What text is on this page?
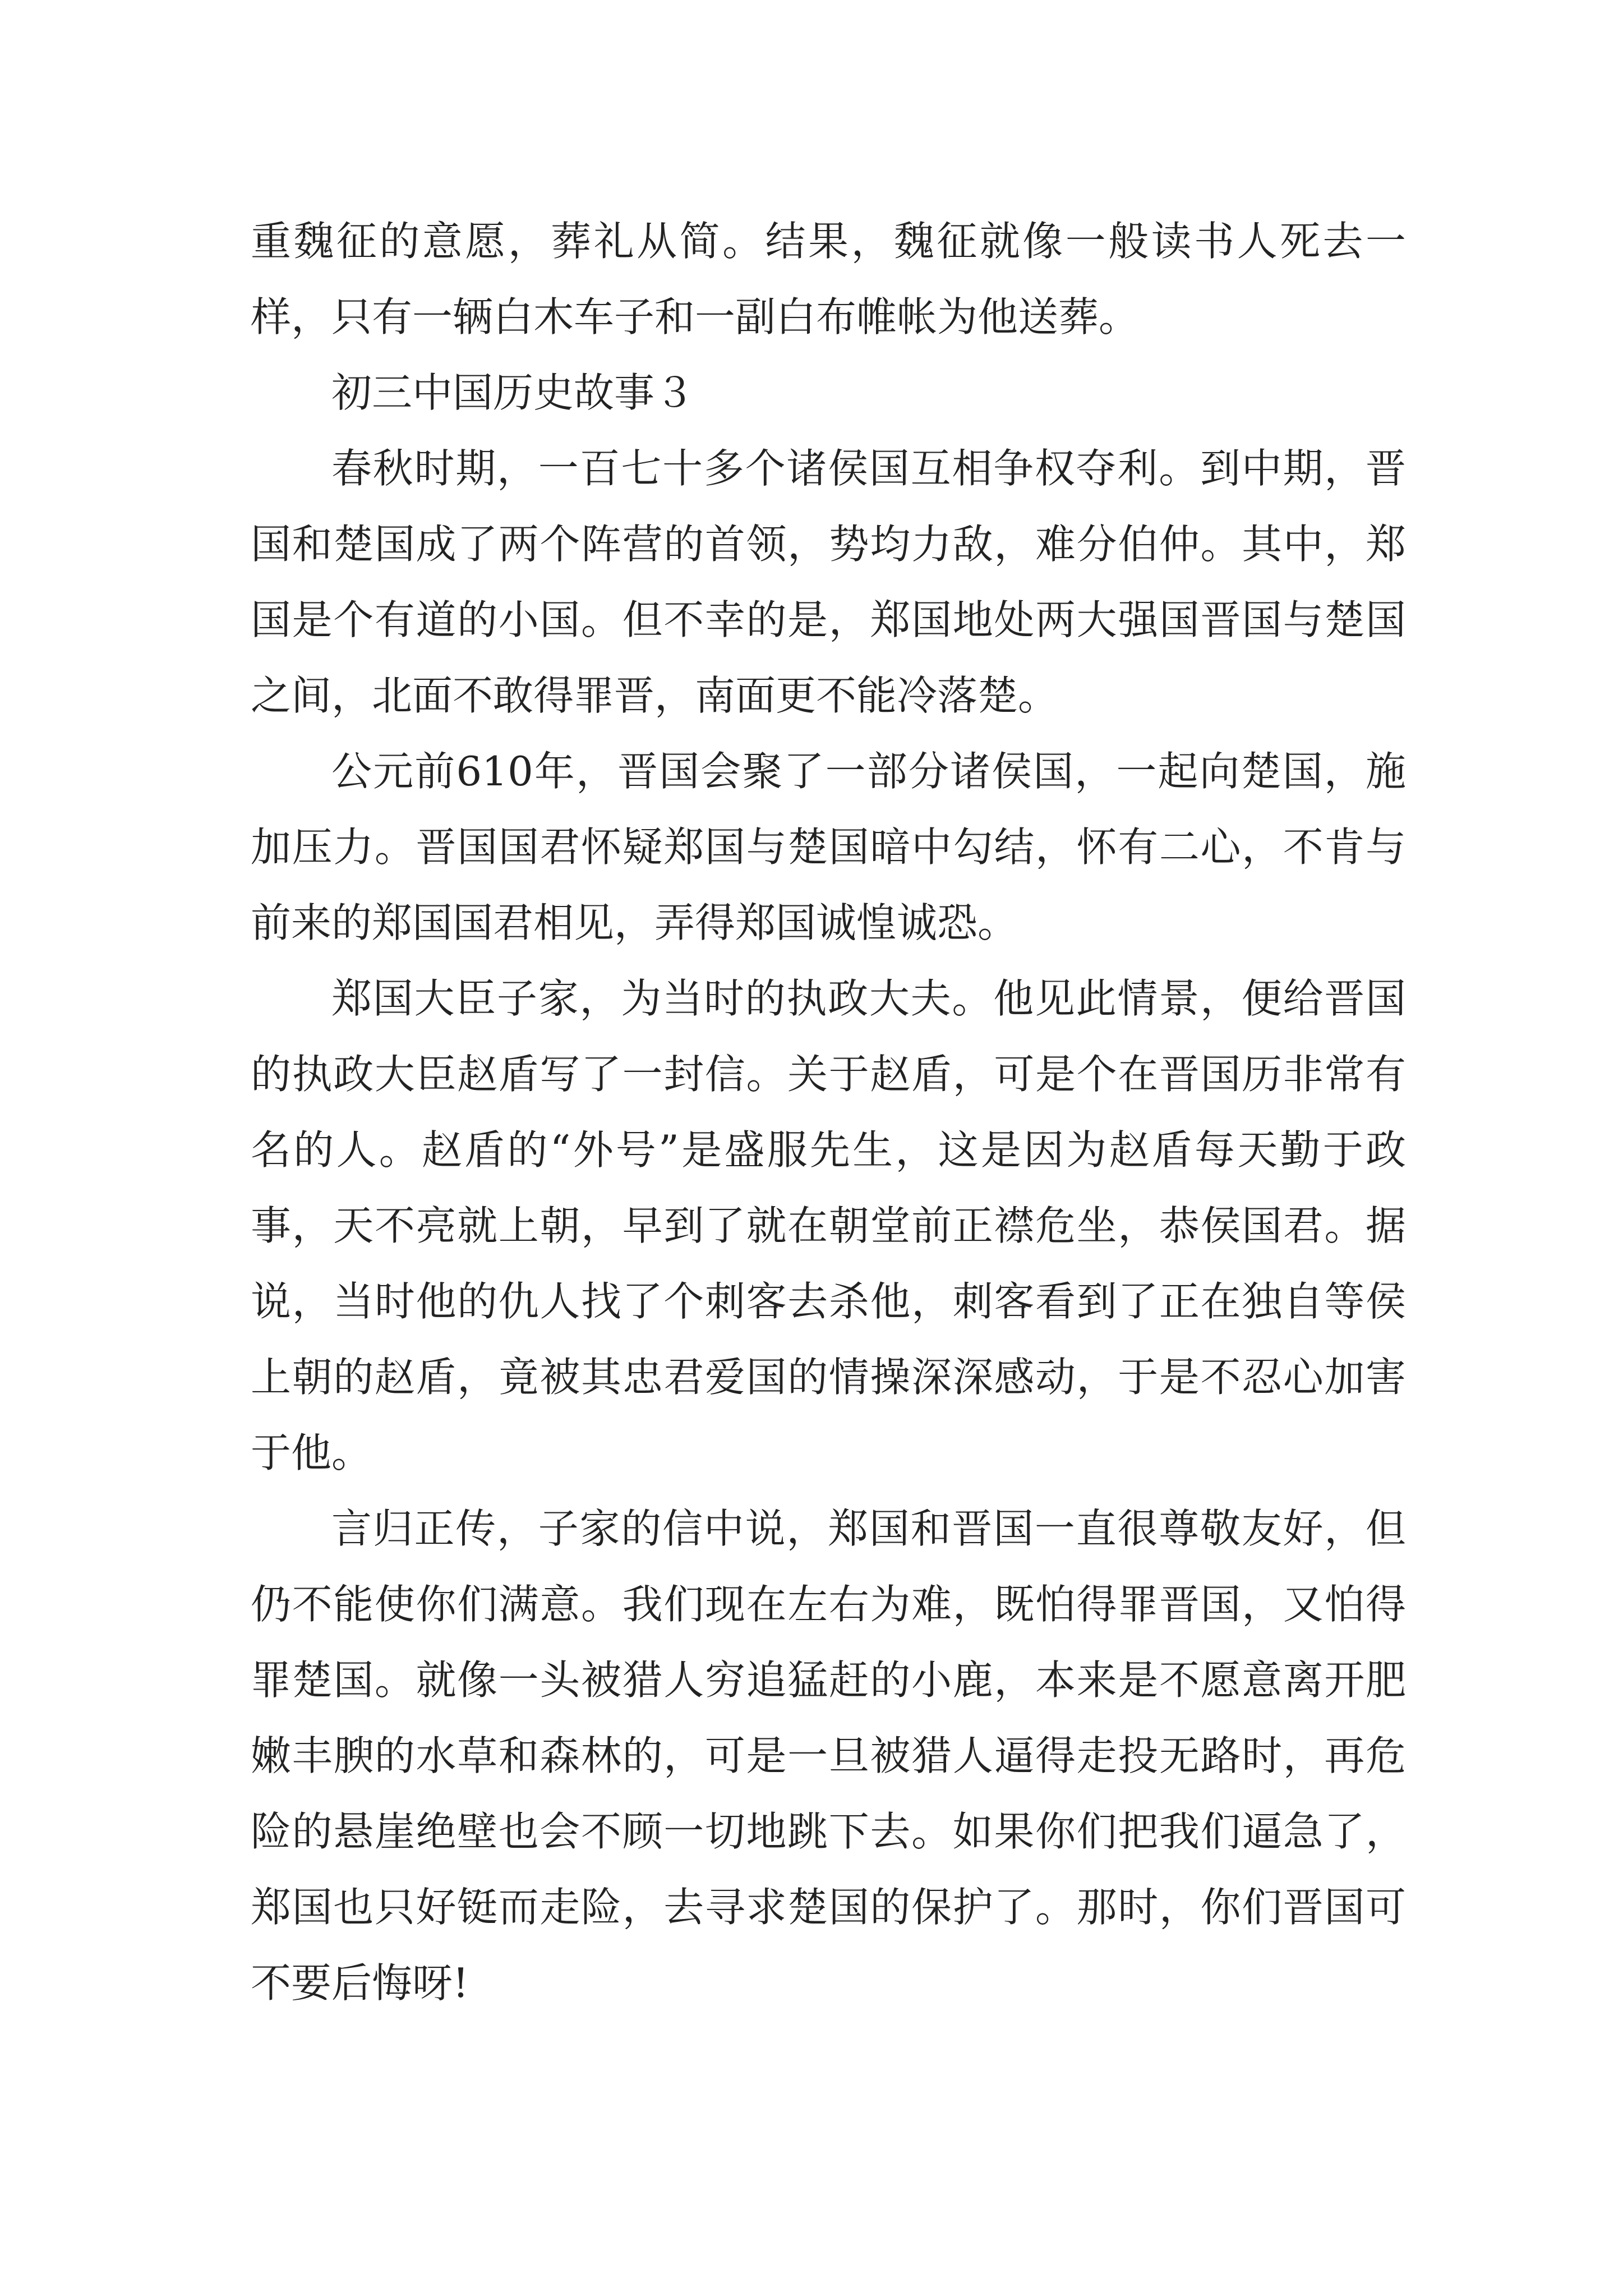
重魏征的意愿，葬礼从简。结果，魏征就像一般读书人死去一样，只有一辆白木车子和一副白布帷帐为他送葬。

初三中国历史故事３

春秋时期，一百七十多个诸侯国互相争权夺利。到中期，晋国和楚国成了两个阵营的首领，势均力敌，难分伯仲。其中，郑国是个有道的小国。但不幸的是，郑国地处两大强国晋国与楚国之间，北面不敢得罪晋，南面更不能冷落楚。

公元前610年，晋国会聚了一部分诸侯国，一起向楚国，施加压力。晋国国君怀疑郑国与楚国暗中勾结，怀有二心，不肯与前来的郑国国君相见，弄得郑国诚惶诚恐。

郑国大臣子家，为当时的执政大夫。他见此情景，便给晋国的执政大臣赵盾写了一封信。关于赵盾，可是个在晋国历非常有名的人。赵盾的“外号”是盛服先生，这是因为赵盾每天勤于政事，天不亮就上朝，早到了就在朝堂前正襟危坐，恭侯国君。据说，当时他的仇人找了个刺客去杀他，刺客看到了正在独自等侯上朝的赵盾，竟被其忠君爱国的情操深深感动，于是不忍心加害于他。

言归正传，子家的信中说，郑国和晋国一直很尊敬友好，但仍不能使你们满意。我们现在左右为难，既怕得罪晋国，又怕得罪楚国。就像一头被猎人穷追猛赶的小鹿，本来是不愿意离开肥嫩丰腴的水草和森林的，可是一旦被猎人逼得走投无路时，再危险的悬崖绝壁也会不顾一切地跳下去。如果你们把我们逼急了，郑国也只好铤而走险，去寻求楚国的保护了。那时，你们晋国可不要后悔呀!
